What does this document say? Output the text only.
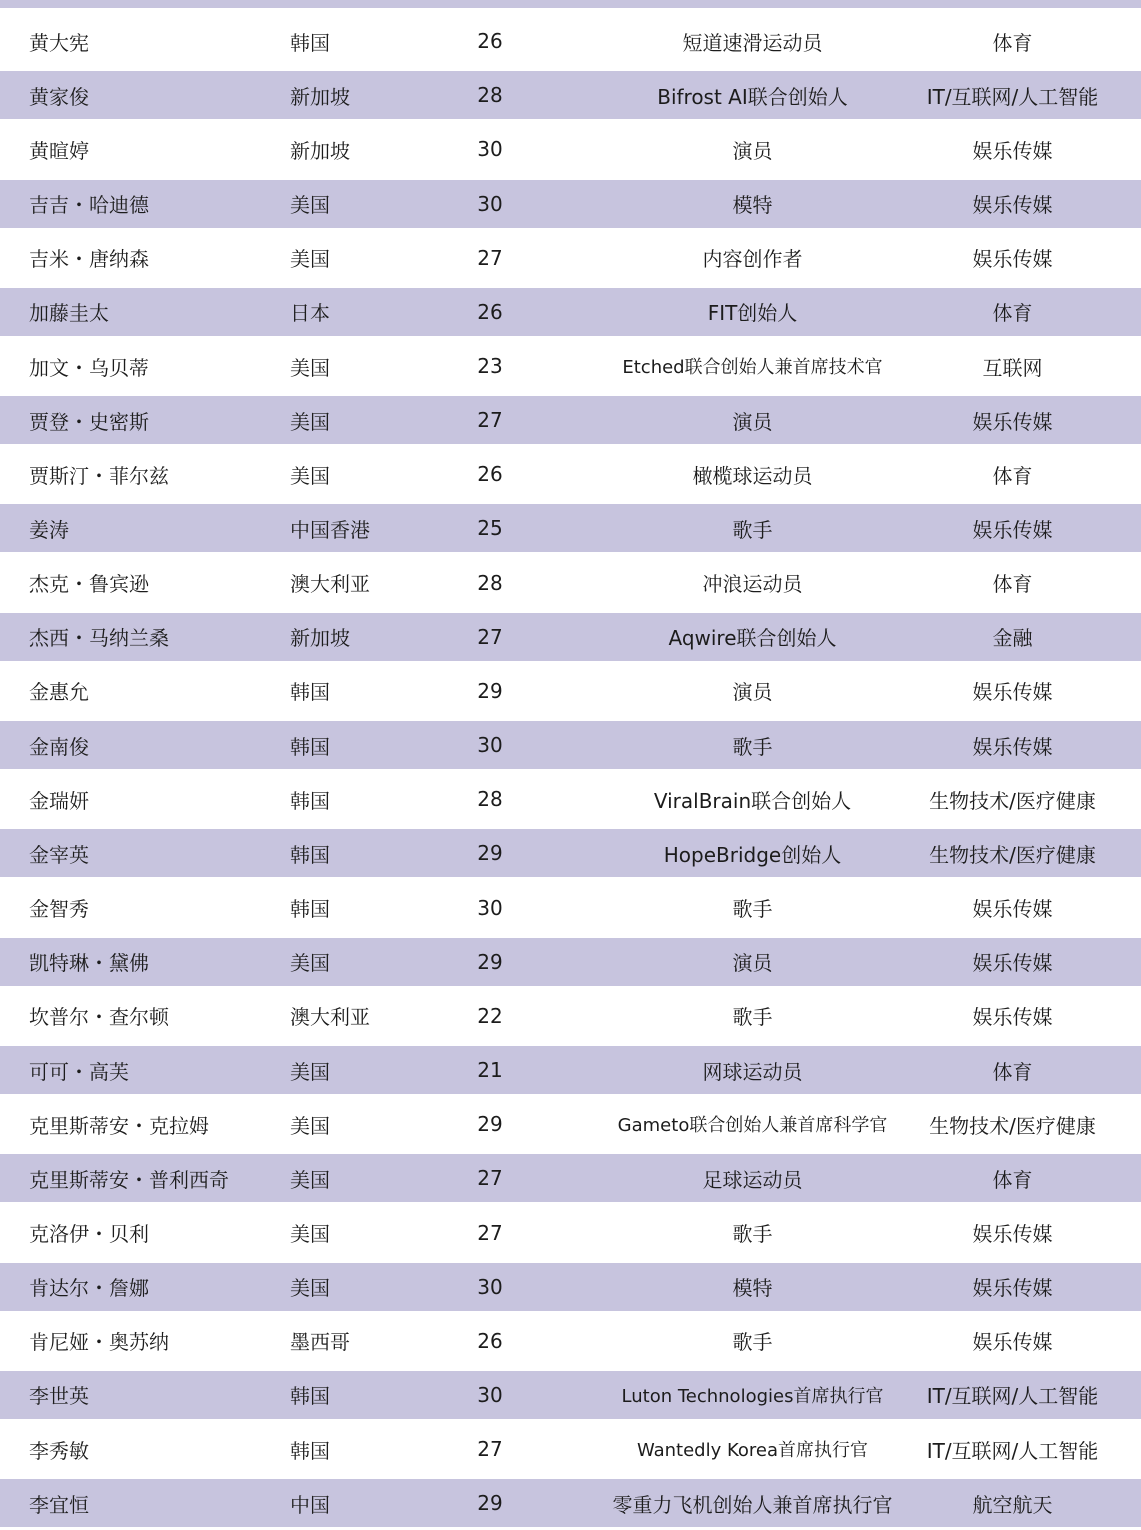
黄大宪	韩国	26	短道速滑运动员	体育
黄家俊	新加坡	28	Bifrost AI联合创始人	IT/互联网/人工智能
黄暄婷	新加坡	30	演员	娱乐传媒
吉吉・哈迪德	美国	30	模特	娱乐传媒
吉米・唐纳森	美国	27	内容创作者	娱乐传媒
加藤圭太	日本	26	FIT创始人	体育
加文・乌贝蒂	美国	23	Etched联合创始人兼首席技术官	互联网
贾登・史密斯	美国	27	演员	娱乐传媒
贾斯汀・菲尔兹	美国	26	橄榄球运动员	体育
姜涛	中国香港	25	歌手	娱乐传媒
杰克・鲁宾逊	澳大利亚	28	冲浪运动员	体育
杰西・马纳兰桑	新加坡	27	Aqwire联合创始人	金融
金惠允	韩国	29	演员	娱乐传媒
金南俊	韩国	30	歌手	娱乐传媒
金瑞妍	韩国	28	ViralBrain联合创始人	生物技术/医疗健康
金宰英	韩国	29	HopeBridge创始人	生物技术/医疗健康
金智秀	韩国	30	歌手	娱乐传媒
凯特琳・黛佛	美国	29	演员	娱乐传媒
坎普尔・查尔顿	澳大利亚	22	歌手	娱乐传媒
可可・高芙	美国	21	网球运动员	体育
克里斯蒂安・克拉姆	美国	29	Gameto联合创始人兼首席科学官	生物技术/医疗健康
克里斯蒂安・普利西奇	美国	27	足球运动员	体育
克洛伊・贝利	美国	27	歌手	娱乐传媒
肯达尔・詹娜	美国	30	模特	娱乐传媒
肯尼娅・奥苏纳	墨西哥	26	歌手	娱乐传媒
李世英	韩国	30	Luton Technologies首席执行官	IT/互联网/人工智能
李秀敏	韩国	27	Wantedly Korea首席执行官	IT/互联网/人工智能
李宜恒	中国	29	零重力飞机创始人兼首席执行官	航空航天
